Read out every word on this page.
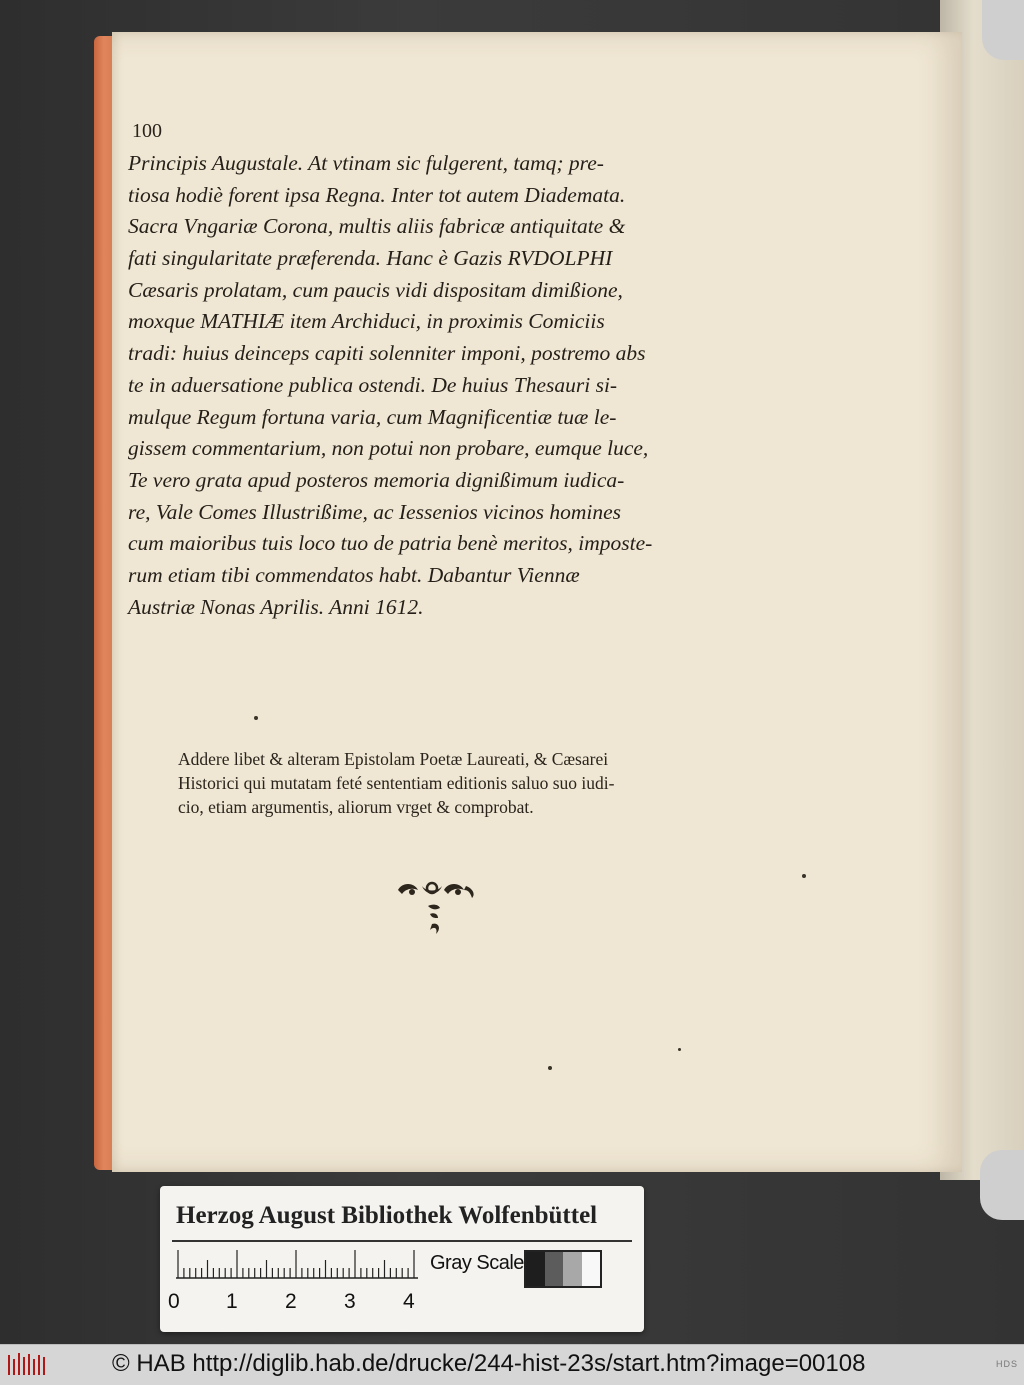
100
Principis Augustale. At vtinam sic fulgerent, tamq; pre-
tiosa hodiè forent ipsa Regna. Inter tot autem Diademata.
Sacra Vngariæ Corona, multis aliis fabricæ antiquitate &
fati singularitate præferenda. Hanc è Gazis RVDOLPHI
Cæsaris prolatam, cum paucis vidi dispositam dimißione,
moxque MATHIÆ item Archiduci, in proximis Comiciis
tradi: huius deinceps capiti solenniter imponi, postremo abs
te in aduersatione publica ostendi. De huius Thesauri si-
mulque Regum fortuna varia, cum Magnificentiæ tuæ le-
gissem commentarium, non potui non probare, eumque luce,
Te vero grata apud posteros memoria dignißimum iudica-
re, Vale Comes Illustrißime, ac Iessenios vicinos homines
cum maioribus tuis loco tuo de patria benè meritos, imposte-
rum etiam tibi commendatos habt. Dabantur Viennæ
Austriæ Nonas Aprilis. Anni 1612.
Addere libet & alteram Epistolam Poetæ Laureati, & Cæsarei
Historici qui mutatam feté sententiam editionis saluo suo iudi-
cio, etiam argumentis, aliorum vrget & comprobat.
Herzog August Bibliothek Wolfenbüttel
0 1 2 3 4
Gray Scale
© HAB http://diglib.hab.de/drucke/244-hist-23s/start.htm?image=00108	HDS
